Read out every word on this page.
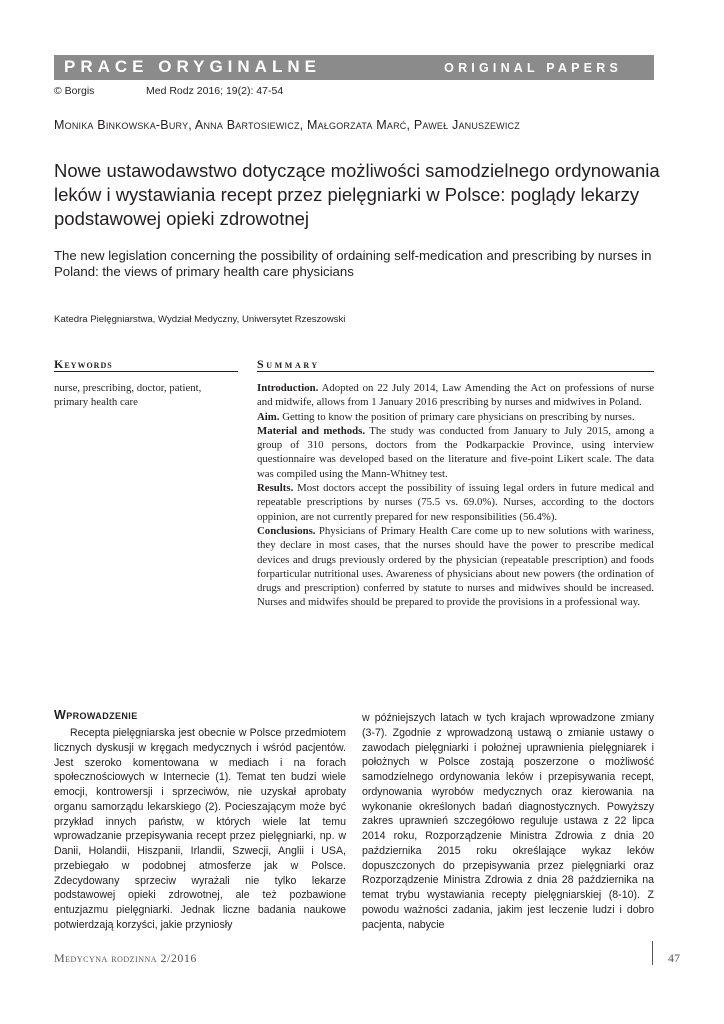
PRACE ORYGINALNE	ORIGINAL PAPERS
© Borgis	Med Rodz 2016; 19(2): 47-54
Monika Binkowska-Bury, Anna Bartosiewicz, Małgorzata Marć, Paweł Januszewicz
Nowe ustawodawstwo dotyczące możliwości samodzielnego ordynowania leków i wystawiania recept przez pielęgniarki w Polsce: poglądy lekarzy podstawowej opieki zdrowotnej
The new legislation concerning the possibility of ordaining self-medication and prescribing by nurses in Poland: the views of primary health care physicians
Katedra Pielęgniarstwa, Wydział Medyczny, Uniwersytet Rzeszowski
Keywords
nurse, prescribing, doctor, patient, primary health care
Summary

Introduction. Adopted on 22 July 2014, Law Amending the Act on professions of nurse and midwife, allows from 1 January 2016 prescribing by nurses and midwives in Poland.

Aim. Getting to know the position of primary care physicians on prescribing by nurses.

Material and methods. The study was conducted from January to July 2015, among a group of 310 persons, doctors from the Podkarpackie Province, using interview questionnaire was developed based on the literature and five-point Likert scale. The data was compiled using the Mann-Whitney test.

Results. Most doctors accept the possibility of issuing legal orders in future medical and repeatable prescriptions by nurses (75.5 vs. 69.0%). Nurses, according to the doctors oppinion, are not currently prepared for new responsibilities (56.4%).

Conclusions. Physicians of Primary Health Care come up to new solutions with wariness, they declare in most cases, that the nurses should have the power to prescribe medical devices and drugs previously ordered by the physician (repeatable prescription) and foods forparticular nutritional uses. Awareness of physicians about new powers (the ordination of drugs and prescription) conferred by statute to nurses and midwives should be increased. Nurses and midwifes should be prepared to provide the provisions in a professional way.

Wprowadzenie

Recepta pielęgniarska jest obecnie w Polsce przedmiotem licznych dyskusji w kręgach medycznych i wśród pacjentów. Jest szeroko komentowana w mediach i na forach społecznościowych w Internecie (1). Temat ten budzi wiele emocji, kontrowersji i sprzeciwów, nie uzyskał aprobaty organu samorządu lekarskiego (2). Pocieszającym może być przykład innych państw, w których wiele lat temu wprowadzanie przepisywania recept przez pielęgniarki, np. w Danii, Holandii, Hiszpanii, Irlandii, Szwecji, Anglii i USA, przebiegało w podobnej atmosferze jak w Polsce. Zdecydowany sprzeciw wyrażali nie tylko lekarze podstawowej opieki zdrowotnej, ale też pozbawione entuzjazmu pielęgniarki. Jednak liczne badania naukowe potwierdzają korzyści, jakie przyniosły

w późniejszych latach w tych krajach wprowadzone zmiany (3-7). Zgodnie z wprowadzoną ustawą o zmianie ustawy o zawodach pielęgniarki i położnej uprawnienia pielęgniarek i położnych w Polsce zostają poszerzone o możliwość samodzielnego ordynowania leków i przepisywania recept, ordynowania wyrobów medycznych oraz kierowania na wykonanie określonych badań diagnostycznych. Powyższy zakres uprawnień szczegółowo reguluje ustawa z 22 lipca 2014 roku, Rozporządzenie Ministra Zdrowia z dnia 20 października 2015 roku określające wykaz leków dopuszczonych do przepisywania przez pielęgniarki oraz Rozporządzenie Ministra Zdrowia z dnia 28 października na temat trybu wystawiania recepty pielęgniarskiej (8-10). Z powodu ważności zadania, jakim jest leczenie ludzi i dobro pacjenta, nabycie

Medycyna rodzinna 2/2016	47
